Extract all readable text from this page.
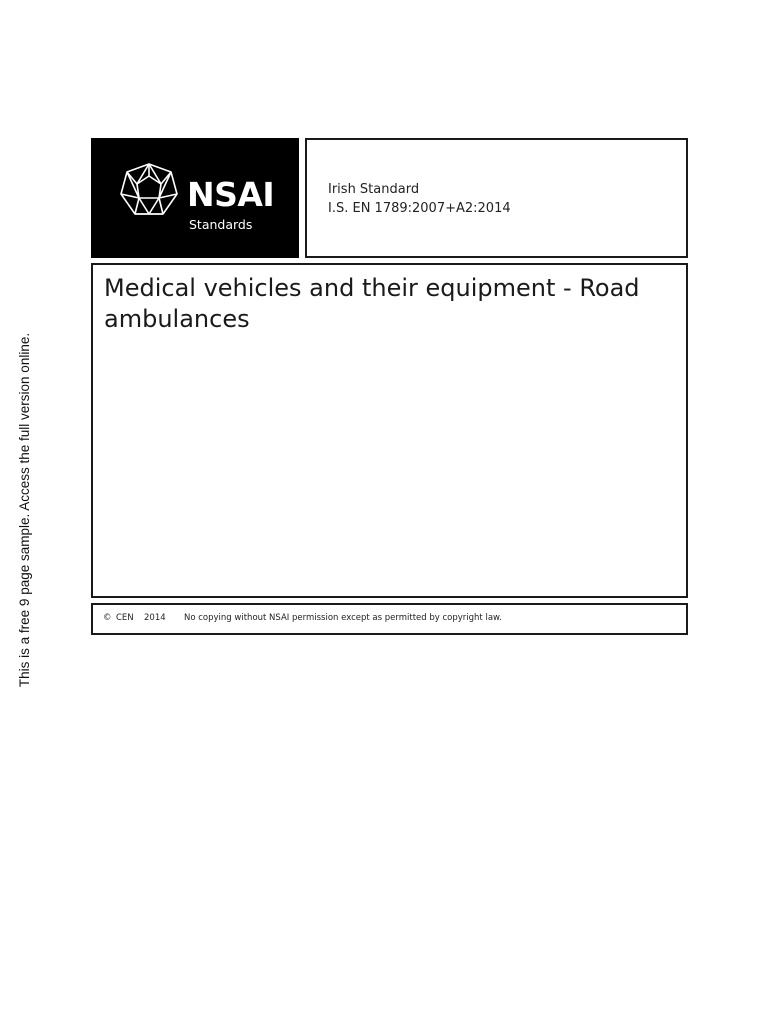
This is a free 9 page sample. Access the full version online.
NSAI
Standards
Irish Standard
I.S. EN 1789:2007+A2:2014
Medical vehicles and their equipment - Road ambulances
© CEN 2014 No copying without NSAI permission except as permitted by copyright law.
